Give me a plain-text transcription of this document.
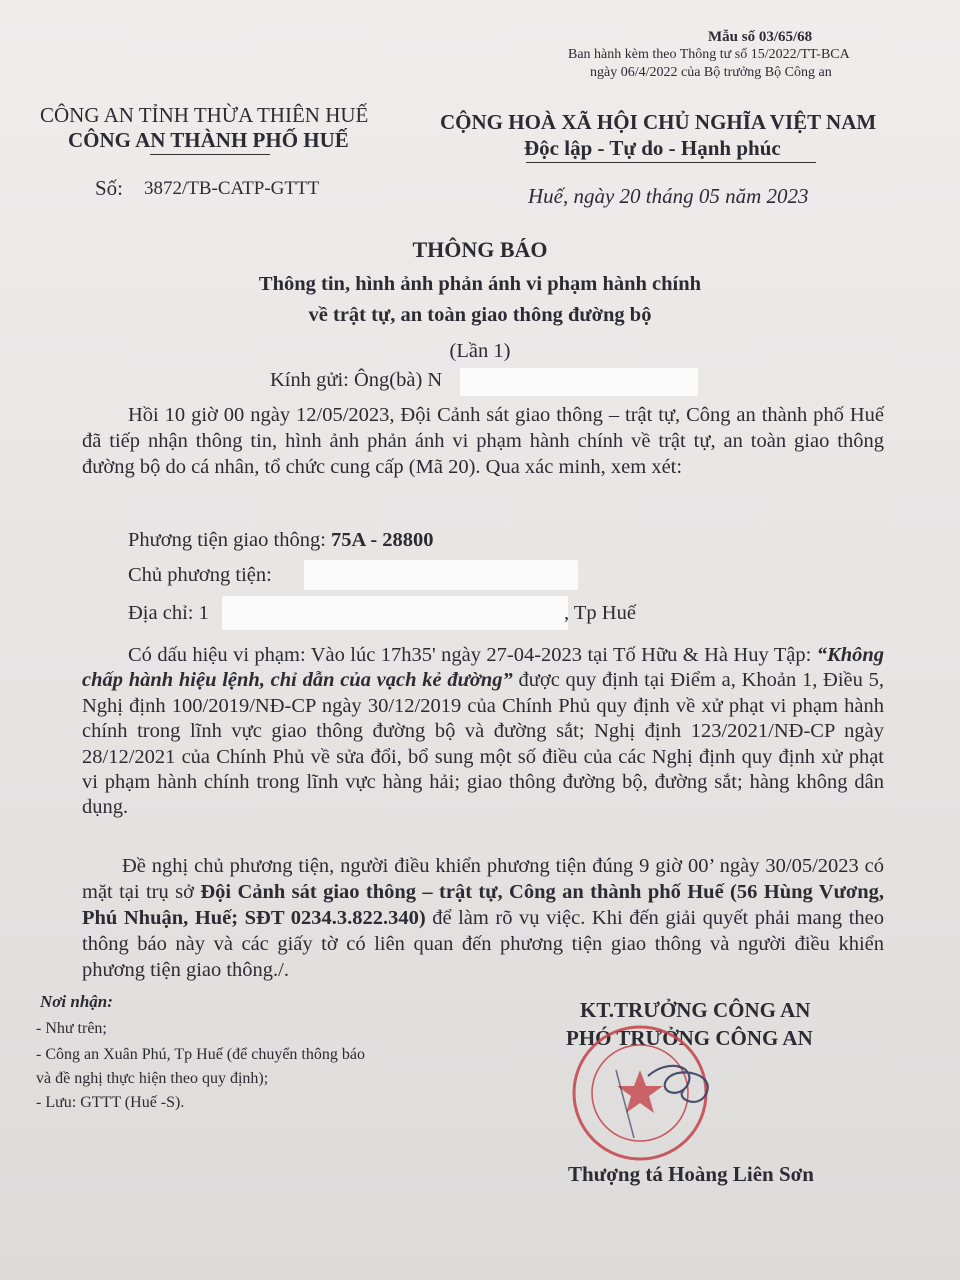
Mẫu số 03/65/68
Ban hành kèm theo Thông tư số 15/2022/TT-BCA
ngày 06/4/2022 của Bộ trưởng Bộ Công an
CÔNG AN TỈNH THỪA THIÊN HUẾ
CÔNG AN THÀNH PHỐ HUẾ
Số: 3872/TB-CATP-GTTT
CỘNG HOÀ XÃ HỘI CHỦ NGHĨA VIỆT NAM
Độc lập - Tự do - Hạnh phúc
Huế, ngày 20 tháng 05 năm 2023
THÔNG BÁO
Thông tin, hình ảnh phản ánh vi phạm hành chính
về trật tự, an toàn giao thông đường bộ
(Lần 1)
Kính gửi: Ông(bà) N

Hồi 10 giờ 00 ngày 12/05/2023, Đội Cảnh sát giao thông – trật tự, Công an thành phố Huế đã tiếp nhận thông tin, hình ảnh phản ánh vi phạm hành chính về trật tự, an toàn giao thông đường bộ do cá nhân, tổ chức cung cấp (Mã 20). Qua xác minh, xem xét:

Phương tiện giao thông: 75A - 28800
Chủ phương tiện:
Địa chỉ: 1	, Tp Huế

Có dấu hiệu vi phạm: Vào lúc 17h35' ngày 27-04-2023 tại Tố Hữu & Hà Huy Tập: “Không chấp hành hiệu lệnh, chỉ dẫn của vạch kẻ đường” được quy định tại Điểm a, Khoản 1, Điều 5, Nghị định 100/2019/NĐ-CP ngày 30/12/2019 của Chính Phủ quy định về xử phạt vi phạm hành chính trong lĩnh vực giao thông đường bộ và đường sắt; Nghị định 123/2021/NĐ-CP ngày 28/12/2021 của Chính Phủ về sửa đổi, bổ sung một số điều của các Nghị định quy định xử phạt vi phạm hành chính trong lĩnh vực hàng hải; giao thông đường bộ, đường sắt; hàng không dân dụng.

Đề nghị chủ phương tiện, người điều khiển phương tiện đúng 9 giờ 00’ ngày 30/05/2023 có mặt tại trụ sở Đội Cảnh sát giao thông – trật tự, Công an thành phố Huế (56 Hùng Vương, Phú Nhuận, Huế; SĐT 0234.3.822.340) để làm rõ vụ việc. Khi đến giải quyết phải mang theo thông báo này và các giấy tờ có liên quan đến phương tiện giao thông và người điều khiển phương tiện giao thông./.

Nơi nhận:
- Như trên;
- Công an Xuân Phú, Tp Huế (để chuyển thông báo
và đề nghị thực hiện theo quy định);
- Lưu: GTTT (Huế -S).
KT.TRƯỞNG CÔNG AN
PHÓ TRƯỞNG CÔNG AN
Thượng tá Hoàng Liên Sơn
